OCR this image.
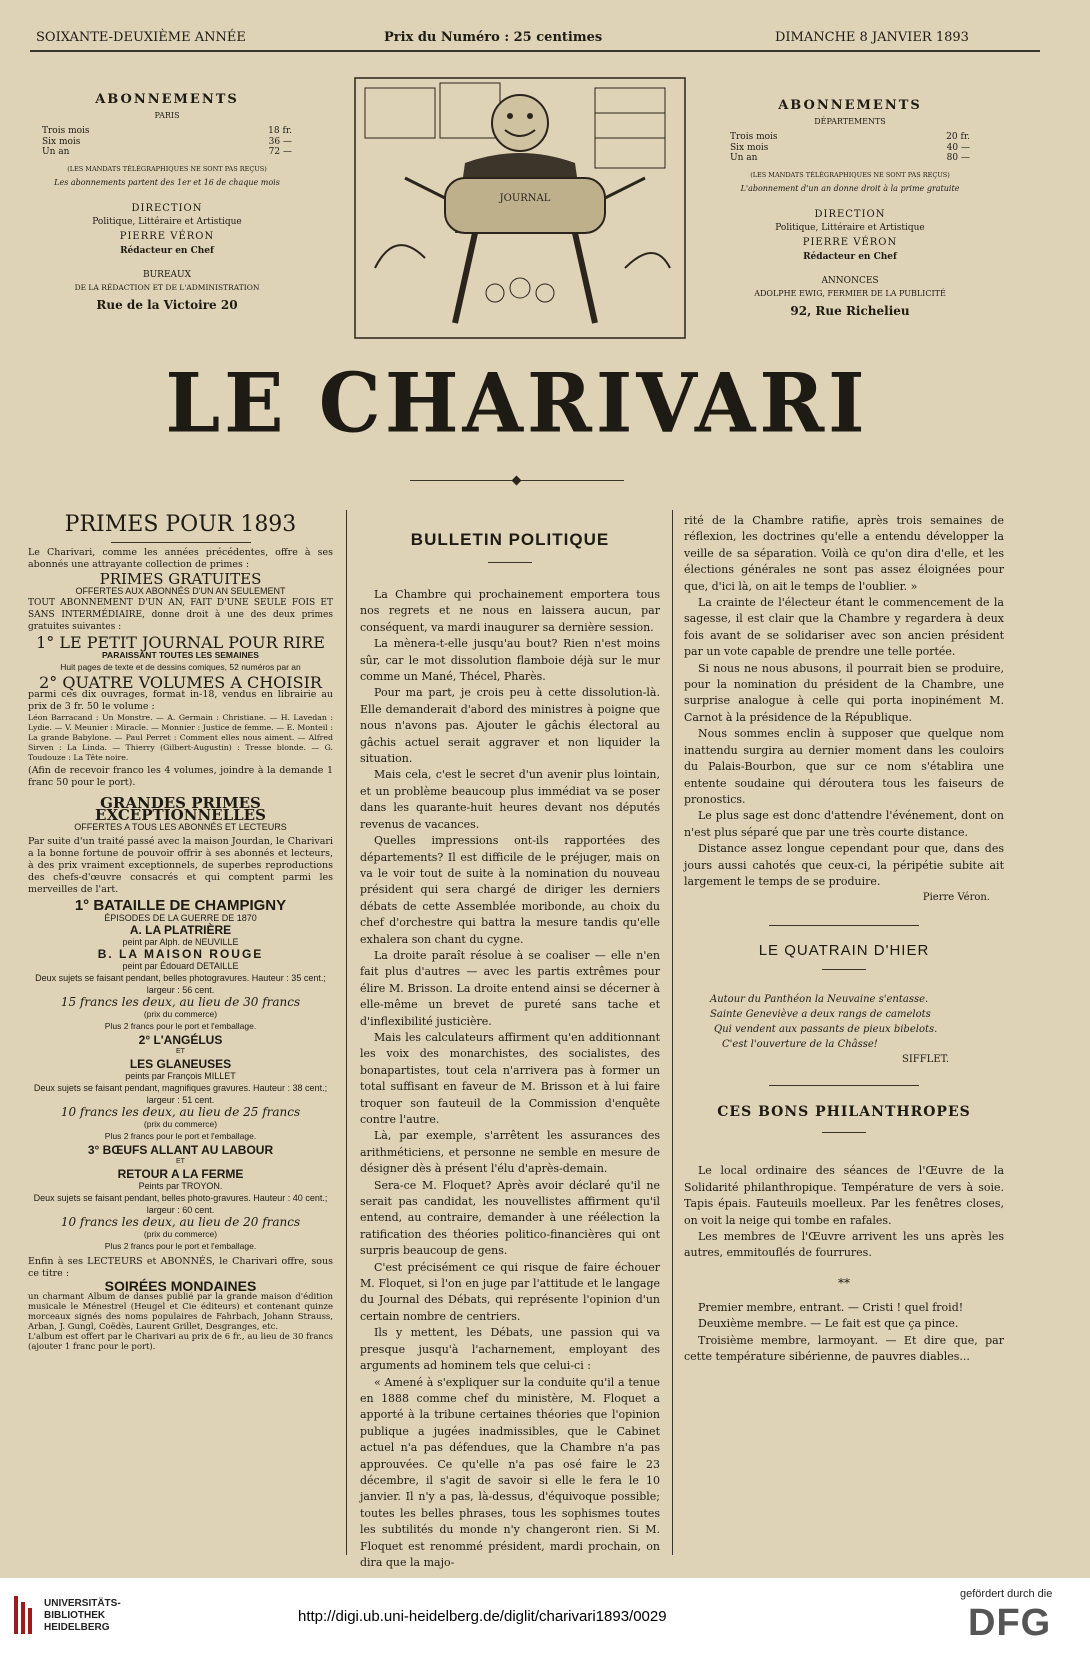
SOIXANTE-DEUXIÈME ANNÉE	Prix du Numéro : 25 centimes	DIMANCHE 8 JANVIER 1893
ABONNEMENTS
PARIS
Trois mois	18 fr.
Six mois	36 —
Un an	72 —
(LES MANDATS TÉLÉGRAPHIQUES NE SONT PAS REÇUS)
Les abonnements partent des 1er et 16 de chaque mois
DIRECTION
Politique, Littéraire et Artistique
PIERRE VÉRON
Rédacteur en Chef
BUREAUX
DE LA RÉDACTION ET DE L'ADMINISTRATION
Rue de la Victoire 20
ABONNEMENTS
DÉPARTEMENTS
Trois mois	20 fr.
Six mois	40 —
Un an	80 —
(LES MANDATS TÉLÉGRAPHIQUES NE SONT PAS REÇUS)
L'abonnement d'un an donne droit à la prime gratuite
DIRECTION
Politique, Littéraire et Artistique
PIERRE VÉRON
Rédacteur en Chef
ANNONCES
ADOLPHE EWIG, FERMIER DE LA PUBLICITÉ
92, Rue Richelieu
JOURNAL
LE CHARIVARI
PRIMES POUR 1893
Le Charivari, comme les années précédentes, offre à ses abonnés une attrayante collection de primes :
PRIMES GRATUITES
OFFERTES AUX ABONNÉS D'UN AN SEULEMENT
TOUT ABONNEMENT D'UN AN, FAIT D'UNE SEULE FOIS ET SANS INTERMÉDIAIRE, donne droit à une des deux primes gratuites suivantes :
1° LE PETIT JOURNAL POUR RIRE
PARAISSANT TOUTES LES SEMAINES
Huit pages de texte et de dessins comiques, 52 numéros par an
2° QUATRE VOLUMES A CHOISIR
parmi ces dix ouvrages, format in-18, vendus en librairie au prix de 3 fr. 50 le volume :
Léon Barracand : Un Monstre. — A. Germain : Christiane. — H. Lavedan : Lydie. — V. Meunier : Miracle. — Monnier : Justice de femme. — E. Monteil : La grande Babylone. — Paul Perret : Comment elles nous aiment. — Alfred Sirven : La Linda. — Thierry (Gilbert-Augustin) : Tresse blonde. — G. Toudouze : La Tête noire.
(Afin de recevoir franco les 4 volumes, joindre à la demande 1 franc 50 pour le port).
GRANDES PRIMES EXCEPTIONNELLES
OFFERTES A TOUS LES ABONNÉS ET LECTEURS
Par suite d'un traité passé avec la maison Jourdan, le Charivari a la bonne fortune de pouvoir offrir à ses abonnés et lecteurs, à des prix vraiment exceptionnels, de superbes reproductions des chefs-d'œuvre consacrés et qui comptent parmi les merveilles de l'art.
1° BATAILLE DE CHAMPIGNY
ÉPISODES DE LA GUERRE DE 1870
A. LA PLATRIÈRE
peint par Alph. de NEUVILLE
B. LA MAISON ROUGE
peint par Édouard DETAILLE
Deux sujets se faisant pendant, belles photogravures. Hauteur : 35 cent.; largeur : 56 cent.
15 francs les deux, au lieu de 30 francs
(prix du commerce)
Plus 2 francs pour le port et l'emballage.
2° L'ANGÉLUS
ET
LES GLANEUSES
peints par François MILLET
Deux sujets se faisant pendant, magnifiques gravures. Hauteur : 38 cent.; largeur : 51 cent.
10 francs les deux, au lieu de 25 francs
(prix du commerce)
Plus 2 francs pour le port et l'emballage.
3° BŒUFS ALLANT AU LABOUR
ET
RETOUR A LA FERME
Peints par TROYON.
Deux sujets se faisant pendant, belles photo-gravures. Hauteur : 40 cent.; largeur : 60 cent.
10 francs les deux, au lieu de 20 francs
(prix du commerce)
Plus 2 francs pour le port et l'emballage.
Enfin à ses LECTEURS et ABONNÉS, le Charivari offre, sous ce titre :
SOIRÉES MONDAINES
un charmant Album de danses publié par la grande maison d'édition musicale le Ménestrel (Heugel et Cie éditeurs) et contenant quinze morceaux signés des noms populaires de Fahrbach, Johann Strauss, Arban, J. Gungl, Coëdès, Laurent Grillet, Desgranges, etc.
L'album est offert par le Charivari au prix de 6 fr., au lieu de 30 francs (ajouter 1 franc pour le port).
BULLETIN POLITIQUE

La Chambre qui prochainement emportera tous nos regrets et ne nous en laissera aucun, par conséquent, va mardi inaugurer sa dernière session.

La mènera-t-elle jusqu'au bout? Rien n'est moins sûr, car le mot dissolution flamboie déjà sur le mur comme un Mané, Thécel, Pharès.

Pour ma part, je crois peu à cette dissolution-là. Elle demanderait d'abord des ministres à poigne que nous n'avons pas. Ajouter le gâchis électoral au gâchis actuel serait aggraver et non liquider la situation.

Mais cela, c'est le secret d'un avenir plus lointain, et un problème beaucoup plus immédiat va se poser dans les quarante-huit heures devant nos députés revenus de vacances.

Quelles impressions ont-ils rapportées des départements? Il est difficile de le préjuger, mais on va le voir tout de suite à la nomination du nouveau président qui sera chargé de diriger les derniers débats de cette Assemblée moribonde, au choix du chef d'orchestre qui battra la mesure tandis qu'elle exhalera son chant du cygne.

La droite paraît résolue à se coaliser — elle n'en fait plus d'autres — avec les partis extrêmes pour élire M. Brisson. La droite entend ainsi se décerner à elle-même un brevet de pureté sans tache et d'inflexibilité justicière.

Mais les calculateurs affirment qu'en additionnant les voix des monarchistes, des socialistes, des bonapartistes, tout cela n'arrivera pas à former un total suffisant en faveur de M. Brisson et à lui faire troquer son fauteuil de la Commission d'enquête contre l'autre.

Là, par exemple, s'arrêtent les assurances des arithméticiens, et personne ne semble en mesure de désigner dès à présent l'élu d'après-demain.

Sera-ce M. Floquet? Après avoir déclaré qu'il ne serait pas candidat, les nouvellistes affirment qu'il entend, au contraire, demander à une réélection la ratification des théories politico-financières qui ont surpris beaucoup de gens.

C'est précisément ce qui risque de faire échouer M. Floquet, si l'on en juge par l'attitude et le langage du Journal des Débats, qui représente l'opinion d'un certain nombre de centriers.

Ils y mettent, les Débats, une passion qui va presque jusqu'à l'acharnement, employant des arguments ad hominem tels que celui-ci :

« Amené à s'expliquer sur la conduite qu'il a tenue en 1888 comme chef du ministère, M. Floquet a apporté à la tribune certaines théories que l'opinion publique a jugées inadmissibles, que le Cabinet actuel n'a pas défendues, que la Chambre n'a pas approuvées. Ce qu'elle n'a pas osé faire le 23 décembre, il s'agit de savoir si elle le fera le 10 janvier. Il n'y a pas, là-dessus, d'équivoque possible; toutes les belles phrases, tous les sophismes toutes les subtilités du monde n'y changeront rien. Si M. Floquet est renommé président, mardi prochain, on dira que la majo-

rité de la Chambre ratifie, après trois semaines de réflexion, les doctrines qu'elle a entendu développer la veille de sa séparation. Voilà ce qu'on dira d'elle, et les élections générales ne sont pas assez éloignées pour que, d'ici là, on ait le temps de l'oublier. »

La crainte de l'électeur étant le commencement de la sagesse, il est clair que la Chambre y regardera à deux fois avant de se solidariser avec son ancien président par un vote capable de prendre une telle portée.

Si nous ne nous abusons, il pourrait bien se produire, pour la nomination du président de la Chambre, une surprise analogue à celle qui porta inopinément M. Carnot à la présidence de la République.

Nous sommes enclin à supposer que quelque nom inattendu surgira au dernier moment dans les couloirs du Palais-Bourbon, que sur ce nom s'établira une entente soudaine qui déroutera tous les faiseurs de pronostics.

Le plus sage est donc d'attendre l'événement, dont on n'est plus séparé que par une très courte distance.

Distance assez longue cependant pour que, dans des jours aussi cahotés que ceux-ci, la péripétie subite ait largement le temps de se produire.

Pierre Véron.
LE QUATRAIN D'HIER
Autour du Panthéon la Neuvaine s'entasse.
Sainte Geneviève a deux rangs de camelots
Qui vendent aux passants de pieux bibelots.
C'est l'ouverture de la Châsse!
SIFFLET.
CES BONS PHILANTHROPES

Le local ordinaire des séances de l'Œuvre de la Solidarité philanthropique. Température de vers à soie. Tapis épais. Fauteuils moelleux. Par les fenêtres closes, on voit la neige qui tombe en rafales.

Les membres de l'Œuvre arrivent les uns après les autres, emmitouflés de fourrures.

**

Premier membre, entrant. — Cristi ! quel froid!

Deuxième membre. — Le fait est que ça pince.

Troisième membre, larmoyant. — Et dire que, par cette température sibérienne, de pauvres diables...

UNIVERSITÄTS-
BIBLIOTHEK
HEIDELBERG
http://digi.ub.uni-heidelberg.de/diglit/charivari1893/0029
gefördert durch die
DFG
